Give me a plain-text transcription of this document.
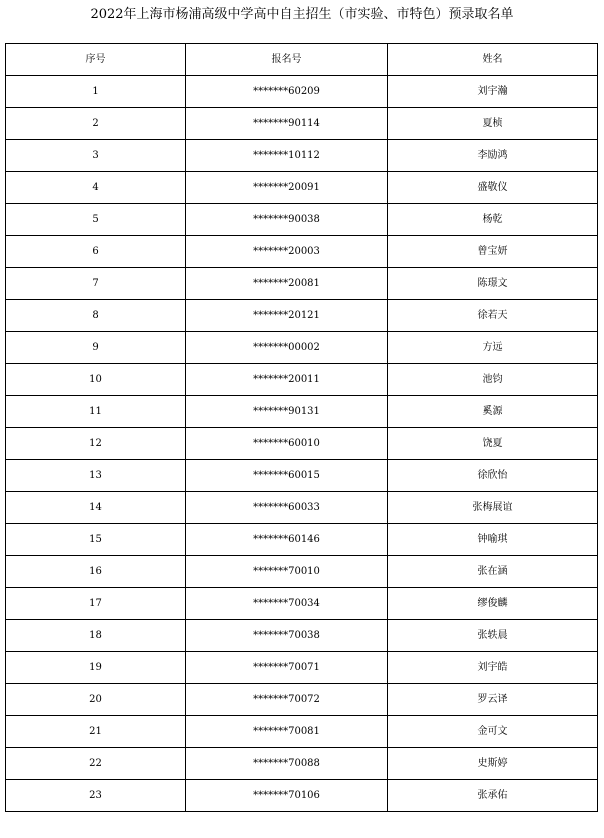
2022年上海市杨浦高级中学高中自主招生（市实验、市特色）预录取名单
序号	报名号	姓名
1	*******60209	刘宇瀚
2	*******90114	夏桢
3	*******10112	李励鸿
4	*******20091	盛敬仪
5	*******90038	杨乾
6	*******20003	曾宝妍
7	*******20081	陈璟文
8	*******20121	徐若天
9	*******00002	方远
10	*******20011	池钧
11	*******90131	奚源
12	*******60010	饶夏
13	*******60015	徐欣怡
14	*******60033	张梅展谊
15	*******60146	钟喻琪
16	*******70010	张在涵
17	*******70034	缪俊麟
18	*******70038	张轶晨
19	*******70071	刘宇皓
20	*******70072	罗云译
21	*******70081	金可文
22	*******70088	史斯婷
23	*******70106	张承佑
